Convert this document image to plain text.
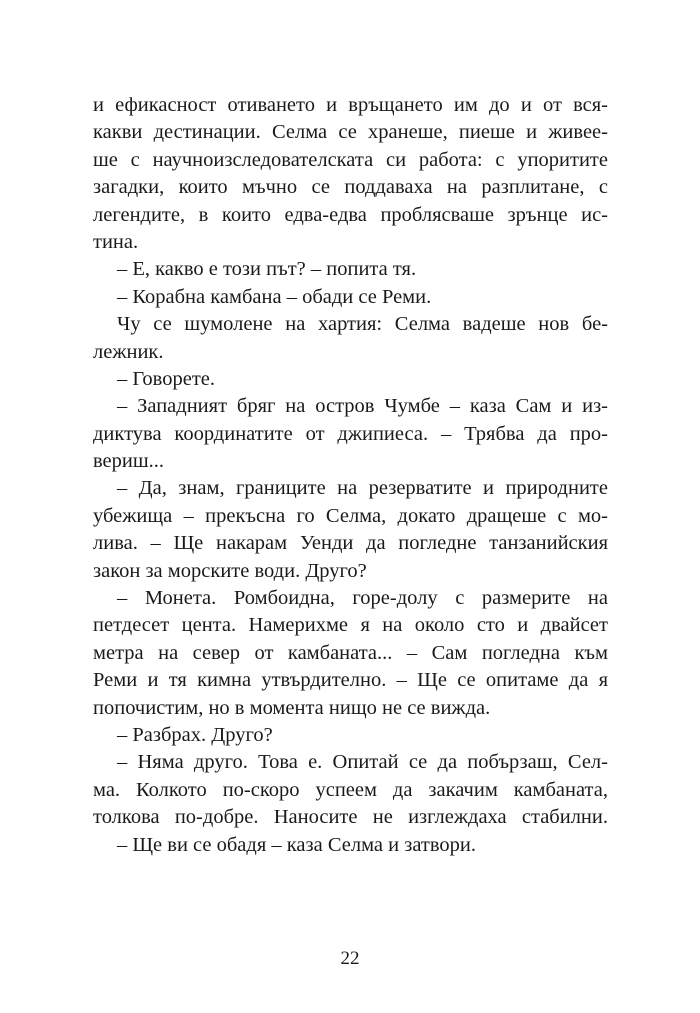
и ефикасност отиването и връщането им до и от вся-
какви дестинации. Селма се хранеше, пиеше и живее-
ше с научноизследователската си работа: с упоритите
загадки, които мъчно се поддаваха на разплитане, с
легендите, в които едва-едва проблясваше зрънце ис-
тина.
– Е, какво е този път? – попита тя.
– Корабна камбана – обади се Реми.
Чу се шумолене на хартия: Селма вадеше нов бе-
лежник.
– Говорете.
– Западният бряг на остров Чумбе – каза Сам и из-
диктува координатите от джипиеса. – Трябва да про-
вериш...
– Да, знам, границите на резерватите и природните
убежища – прекъсна го Селма, докато дращеше с мо-
лива. – Ще накарам Уенди да погледне танзанийския
закон за морските води. Друго?
– Монета. Ромбоидна, горе-долу с размерите на
петдесет цента. Намерихме я на около сто и двайсет
метра на север от камбаната... – Сам погледна към
Реми и тя кимна утвърдително. – Ще се опитаме да я
попочистим, но в момента нищо не се вижда.
– Разбрах. Друго?
– Няма друго. Това е. Опитай се да побързаш, Сел-
ма. Колкото по-скоро успеем да закачим камбаната,
толкова по-добре. Наносите не изглеждаха стабилни.
– Ще ви се обадя – каза Селма и затвори.
22
